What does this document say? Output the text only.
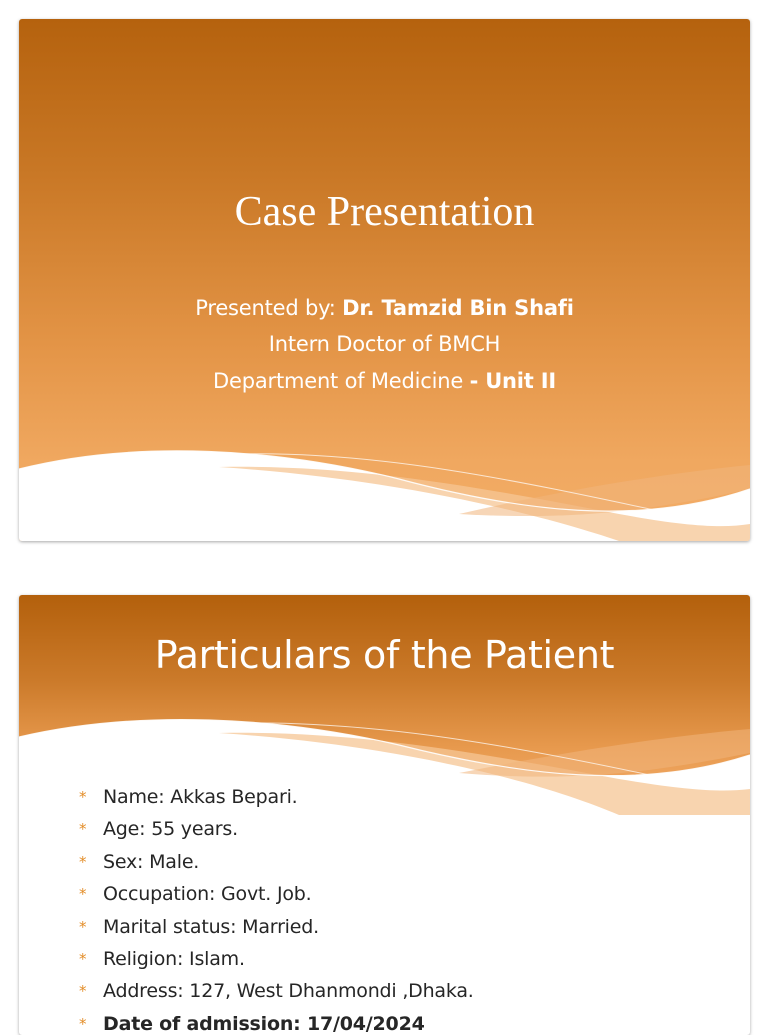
Case Presentation
Presented by: Dr. Tamzid Bin Shafi
Intern Doctor of BMCH
Department of Medicine - Unit II
Particulars of the Patient
* Name: Akkas Bepari.
* Age: 55 years.
* Sex: Male.
* Occupation: Govt. Job.
* Marital status: Married.
* Religion: Islam.
* Address: 127, West Dhanmondi ,Dhaka.
* Date of admission: 17/04/2024
